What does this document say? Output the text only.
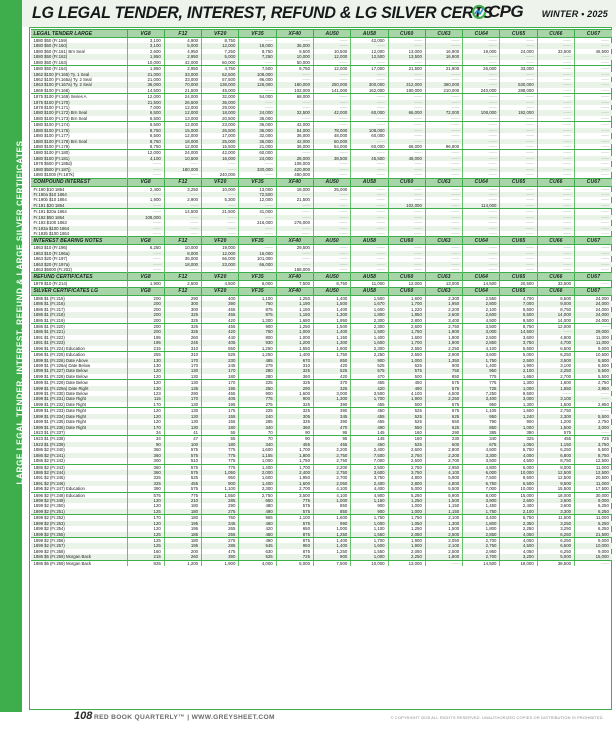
LARGE LEGAL TENDER, INTEREST, REFUND & LARGE SILVER CERTIFICATES
LG LEGAL TENDER, INTEREST, REFUND & LG SILVER CERTS
CPG WINTER • 2025
LEGAL TENDER LARGE	VG8	F12	VF20	VF35	XF40	AU50	AU58	CU60	CU63	CU64	CU65	CU66	CU67
1880 $50 (Fr.159)	3,100	4,900	8,750	——	——	——	42,000	——	——	——	——	——	——
1880 $50 (Fr.160)	3,100	5,000	12,000	18,000	36,000	——	——	——	——	——	——	——	——
1880 $50 (Fr.161) Brn Seal	2,600	4,950	7,250	8,750	9,500	10,500	12,000	13,000	16,900	19,000	24,000	33,500	46,500
1880 $50 (Fr.162)	1,950	2,950	5,000	7,250	10,000	12,000	12,500	13,500	16,900	——	——	——	——
1880 $50 (Fr.163)	10,000	42,000	60,000	——	50,000	——	——	——	——	——	——	——	——
1880 $50 (Fr.164)	1,950	2,950	4,750	7,500	9,750	12,000	17,000	21,500	21,900	26,000	33,000	——	——
1862 $100 (Fr.165) Ty. 1 Seal	21,000	33,000	62,500	108,000	——	——	——	——	——	——	——	——	——
1862 $100 (Fr.165a) Ty. 2 Seal	21,000	33,000	57,500	96,000	——	——	——	——	——	——	——	——	——
1863 $100 (Fr.167a) Ty. 2 Seal	36,000	70,000	138,000	126,000	180,000	250,000	300,000	312,000	360,000	——	530,000	——	——
1869 $100 (Fr.168)	14,500	21,500	45,000	——	102,000	141,000	162,000	180,000	210,000	240,000	288,000	——	——
1875 $100 (Fr.169) Series A	12,000	24,000	32,000	54,000	68,000	——	——	——	——	——	——	——	——
1875 $100 (Fr.170)	21,500	26,500	36,000	——	——	——	——	——	——	——	——	——	——
1878 $100 (Fr.171)	7,000	12,000	29,000	——	——	——	——	——	——	——	——	——	——
1880 $100 (Fr.172) Brn Seal	6,500	12,000	18,000	24,000	32,500	42,000	60,000	66,000	72,000	108,000	192,000	——	——
1880 $100 (Fr.173) Brn Seal	6,500	13,000	20,500	36,000	——	——	——	——	——	——	——	——	——
1880 $100 (Fr.174)	6,500	12,000	23,000	36,000	42,000	——	——	——	——	——	——	——	——
1880 $100 (Fr.176)	8,750	15,000	26,500	36,000	54,000	78,000	108,000	——	——	——	——	——	——
1880 $100 (Fr.177)	6,500	12,000	17,000	32,000	36,000	48,000	60,000	——	——	——	——	——	——
1880 $100 (Fr.178) Brn Seal	8,750	18,000	25,000	36,000	42,000	60,000	——	——	——	——	——	——	——
1880 $100 (Fr.179)	8,750	12,000	15,500	21,000	36,000	54,000	60,000	68,000	96,900	——	——	——	——
1880 $100 (Fr.180)	12,000	24,000	42,000	60,000	——	——	——	——	——	——	——	——	——
1880 $100 (Fr.181)	4,100	10,500	16,000	24,000	28,000	38,500	45,500	48,000	——	——	——	——	——
1878 $500 (Fr.185d)	——	——	——	——	108,000	——	——	——	——	——	——	——	——
1880 $500 (Fr.187j)	——	180,000	——	330,000	420,000	——	——	——	——	——	——	——	——
1880 $1000 (Fr.187k)	——	——	240,000	——	480,000	——	——	——	——	——	——	——	——
COMPOUND INTEREST	VG8	F12	VF20	VF35	XF40	AU50	AU58	CU60	CU63	CU64	CU65	CU66	CU67
Fr.190 $10 1864	2,400	3,250	10,000	13,000	18,000	25,000	——	——	——	——	——	——	——
Fr.190a $10 1864	——	——	——	72,500	——	——	——	——	——	——	——	——	——
Fr.190b $10 1864	1,900	2,900	5,300	12,000	21,500	——	——	——	——	——	——	——	——
Fr.191 $20 1864	——	——	——	——	——	——	——	102,000	——	114,000	——	——	——
Fr.191 $20a 1864	——	14,500	21,500	41,000	——	——	——	——	——	——	——	——	——
Fr.192 $50 1864	108,000	——	——	——	——	——	——	——	——	——	——	——	——
Fr.193 $100 1863	——	——	——	216,000	276,000	——	——	——	——	——	——	——	——
Fr.193a $100 1864	——	——	——	——	——	——	——	——	——	——	——	——	——
Fr.193b $100 1864	——	——	——	——	——	——	——	——	——	——	——	——	——
INTEREST BEARING NOTES	VG8	F12	VF20	VF35	XF40	AU50	AU58	CU60	CU63	CU64	CU65	CU66	CU67
1863 $10 (Fr.196)	6,250	10,000	19,000	——	29,500	——	——	——	——	——	——	——	——
1863 $10 (Fr.196a)	——	8,000	12,000	16,000	——	——	——	——	——	——	——	——	——
1863 $20 (Fr.197)	——	36,000	66,000	101,000	——	——	——	——	——	——	——	——	——
1863 $20 (Fr.197a)	——	18,000	23,000	66,000	——	——	——	——	——	——	——	——	——
1863 $5000 (Fr.202)	——	——	——	——	168,000	——	——	——	——	——	——	——	——
REFUND CERTIFICATES	VG8	F12	VF20	VF35	XF40	AU50	AU58	CU60	CU63	CU64	CU65	CU66	CU67
1879 $10 (Fr.214)	1,900	2,500	4,500	6,000	7,500	8,750	11,000	12,000	13,000	14,500	20,500	33,500	——
SILVER CERTIFICATES LG	VG8	F12	VF20	VF35	XF40	AU50	AU58	CU60	CU63	CU64	CU65	CU66	CU67
1886 $1 (Fr.215)	200	290	400	1,100	1,250	1,400	1,500	1,600	2,300	2,550	4,700	6,500	24,000
1886 $1 (Fr.216)	200	300	390	750	1,190	1,500	1,670	1,700	1,950	2,800	7,000	9,000	24,000
1886 $1 (Fr.217)	200	300	455	875	1,150	1,400	1,600	1,220	2,200	2,100	5,500	8,750	24,000
1886 $1 (Fr.218)	200	325	455	875	1,150	1,300	1,800	1,850	2,600	2,600	5,500	14,000	24,000
1886 $1 (Fr.219)	200	325	420	1,300	1,680	1,950	2,300	2,800	3,400	4,500	9,500	14,000	24,000
1886 $1 (Fr.220)	200	325	455	900	1,250	1,500	2,300	2,600	2,750	3,500	8,750	12,000	——
1886 $1 (Fr.221)	200	325	420	750	1,000	1,400	1,500	1,750	1,900	3,000	14,500	——	29,000
1891 $1 (Fr.222)	195	260	440	800	1,000	1,150	1,400	1,600	1,800	2,500	3,600	4,900	11,000
1891 $1 (Fr.223)	195	245	405	930	1,200	1,300	1,600	1,700	1,900	2,850	3,750	4,700	11,000
1896 $1 (Fr.224) Education	215	310	550	1,250	1,550	1,900	2,300	2,550	2,250	4,100	5,500	6,500	9,000
1896 $1 (Fr.225) Education	255	310	525	1,250	1,400	1,750	2,250	2,550	2,900	3,600	5,000	6,250	10,500
1899 $1 (Fr.226) Date Above	130	170	230	485	670	850	900	1,000	1,350	1,750	2,500	3,500	5,500
1899 $1 (Fr.226a) Date Below	130	170	245	279	310	420	525	625	900	1,400	1,900	3,100	5,500
1899 $1 (Fr.227) Date Below	120	130	170	280	325	525	575	575	750	950	2,100	2,250	5,500
1899 $1 (Fr.228) Date Below	120	130	180	280	360	420	470	500	850	775	1,650	2,700	5,500
1899 $1 (Fr.229) Date Below	120	130	170	225	325	370	455	450	575	775	1,300	1,600	2,750
1899 $1 (Fr.229a) Date Right	130	135	195	250	290	325	420	490	575	725	1,000	1,550	2,950
1899 $1 (Fr.230) Date Below	123	290	455	900	1,600	3,000	3,500	4,100	4,500	7,250	9,500	——	——
1899 $1 (Fr.231) Date Right	115	170	405	775	900	1,300	1,700	1,900	2,250	3,400	3,000	3,100	——
1899 $1 (Fr.232) Date Right	170	130	195	275	325	390	455	500	575	950	1,300	1,500	2,950
1899 $1 (Fr.233) Date Right	120	130	175	225	325	390	450	525	675	1,105	1,600	2,750	——
1899 $1 (Fr.234) Date Right	120	130	155	240	305	345	455	525	625	950	1,240	2,300	5,500
1899 $1 (Fr.235) Date Right	120	130	155	285	325	390	455	525	550	790	900	1,200	2,750
1899 $1 (Fr.236) Date Right	170	130	180	340	360	470	490	550	625	850	1,000	1,500	3,000
1923 $1 (Fr.237)	34	41	55	70	90	95	145	160	290	385	390	575	——
1923 $1 (Fr.238)	34	47	55	70	90	95	145	160	230	340	325	455	725
1923 $1 (Fr.239)	90	100	180	340	455	455	450	525	600	675	1,050	1,150	3,750
1886 $2 (Fr.240)	360	575	775	1,600	1,700	2,200	2,400	2,600	2,800	4,600	5,750	6,250	5,500
1886 $2 (Fr.241)	360	575	775	1,155	1,800	2,750	7,500	2,750	2,200	3,300	4,000	6,800	8,750
1886 $2 (Fr.242)	300	510	775	1,000	1,750	2,750	7,000	2,500	2,700	3,500	4,500	8,750	12,500
1886 $2 (Fr.243)	360	575	775	1,400	1,700	2,200	2,500	2,750	2,950	4,800	6,000	8,000	11,000
1886 $2 (Fr.244)	360	575	1,050	2,000	2,400	2,750	3,600	3,750	4,100	6,000	10,000	12,500	12,500
1891 $2 (Fr.245)	325	525	950	1,600	1,950	2,700	3,750	4,800	5,900	7,500	9,500	12,500	20,500
1891 $2 (Fr.246)	325	455	900	1,400	1,600	2,050	2,400	2,800	4,800	6,750	6,500	9,500	11,000
1896 $2 (Fr.247) Education	390	575	1,100	2,300	2,700	4,100	4,400	5,000	5,500	7,000	10,000	15,500	17,500
1896 $2 (Fr.248) Education	575	775	1,550	2,750	3,500	4,100	4,900	5,250	5,900	8,000	15,000	18,000	30,000
1899 $2 (Fr.249)	120	210	285	650	775	1,000	1,150	1,250	1,500	3,900	2,600	3,600	9,000
1899 $2 (Fr.250)	120	180	290	480	575	850	900	1,000	1,150	1,450	2,400	3,600	6,250
1899 $2 (Fr.251)	125	180	275	490	575	850	900	1,000	1,150	1,750	2,100	3,300	6,250
1899 $2 (Fr.252)	170	180	760	965	1,100	1,600	1,750	1,750	2,100	3,400	5,750	11,500	11,000
1899 $2 (Fr.253)	120	195	345	460	575	990	1,000	1,050	1,300	1,800	2,350	3,250	6,250
1899 $2 (Fr.254)	120	195	265	420	650	1,000	1,100	1,250	1,500	1,800	2,250	3,250	6,250
1899 $2 (Fr.255)	125	185	255	480	875	1,250	1,550	2,050	2,500	2,850	4,050	6,250	21,500
1899 $2 (Fr.256)	125	180	275	490	875	1,400	1,700	1,900	2,050	2,700	4,050	6,250	9,000
1899 $2 (Fr.257)	125	195	285	545	950	1,400	1,600	1,900	2,100	2,750	4,500	6,500	10,000
1899 $2 (Fr.258)	160	200	475	630	875	1,250	1,550	2,050	2,500	2,950	4,050	6,250	9,000
1886 $5 (Fr.259) Morgan Back	215	260	390	525	725	900	1,000	2,250	1,800	2,700	3,200	5,000	15,000
1886 $5 (Fr.259) Morgan Back	825	1,200	1,900	4,000	5,000	7,500	10,000	13,000	——	14,500	19,000	38,500	——
108 RED BOOK QUARTERLY™ | WWW.GREYSHEET.COM	© COPYRIGHT 2025 ALL RIGHTS RESERVED. UNAUTHORIZED COPIES OR DISTRIBUTION IS PROHIBITED.
